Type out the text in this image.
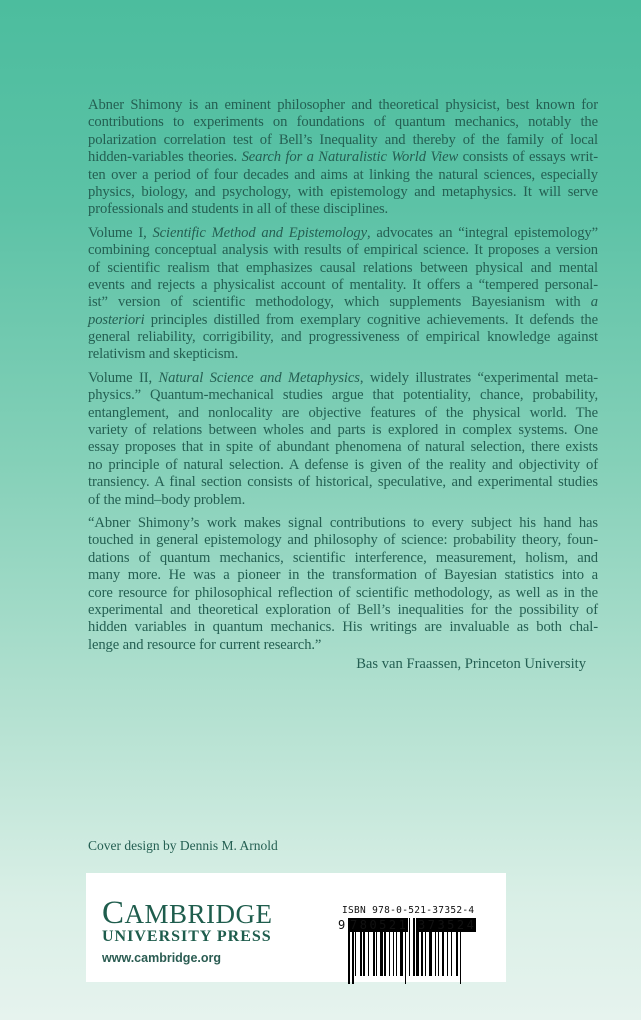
Abner Shimony is an eminent philosopher and theoretical physicist, best known for
contributions to experiments on foundations of quantum mechanics, notably the
polarization correlation test of Bell’s Inequality and thereby of the family of local
hidden-variables theories. Search for a Naturalistic World View consists of essays writ-
ten over a period of four decades and aims at linking the natural sciences, especially
physics, biology, and psychology, with epistemology and metaphysics. It will serve
professionals and students in all of these disciplines.
Volume I, Scientific Method and Epistemology, advocates an “integral epistemology”
combining conceptual analysis with results of empirical science. It proposes a version
of scientific realism that emphasizes causal relations between physical and mental
events and rejects a physicalist account of mentality. It offers a “tempered personal-
ist” version of scientific methodology, which supplements Bayesianism with a
posteriori principles distilled from exemplary cognitive achievements. It defends the
general reliability, corrigibility, and progressiveness of empirical knowledge against
relativism and skepticism.
Volume II, Natural Science and Metaphysics, widely illustrates “experimental meta-
physics.” Quantum-mechanical studies argue that potentiality, chance, probability,
entanglement, and nonlocality are objective features of the physical world. The
variety of relations between wholes and parts is explored in complex systems. One
essay proposes that in spite of abundant phenomena of natural selection, there exists
no principle of natural selection. A defense is given of the reality and objectivity of
transiency. A final section consists of historical, speculative, and experimental studies
of the mind–body problem.
“Abner Shimony’s work makes signal contributions to every subject his hand has
touched in general epistemology and philosophy of science: probability theory, foun-
dations of quantum mechanics, scientific interference, measurement, holism, and
many more. He was a pioneer in the transformation of Bayesian statistics into a
core resource for philosophical reflection of scientific methodology, as well as in the
experimental and theoretical exploration of Bell’s inequalities for the possibility of
hidden variables in quantum mechanics. His writings are invaluable as both chal-
lenge and resource for current research.”
Bas van Fraassen, Princeton University
Cover design by Dennis M. Arnold
CAMBRIDGE
UNIVERSITY PRESS
www.cambridge.org
ISBN 978-0-521-37352-4
9 780521 373524
